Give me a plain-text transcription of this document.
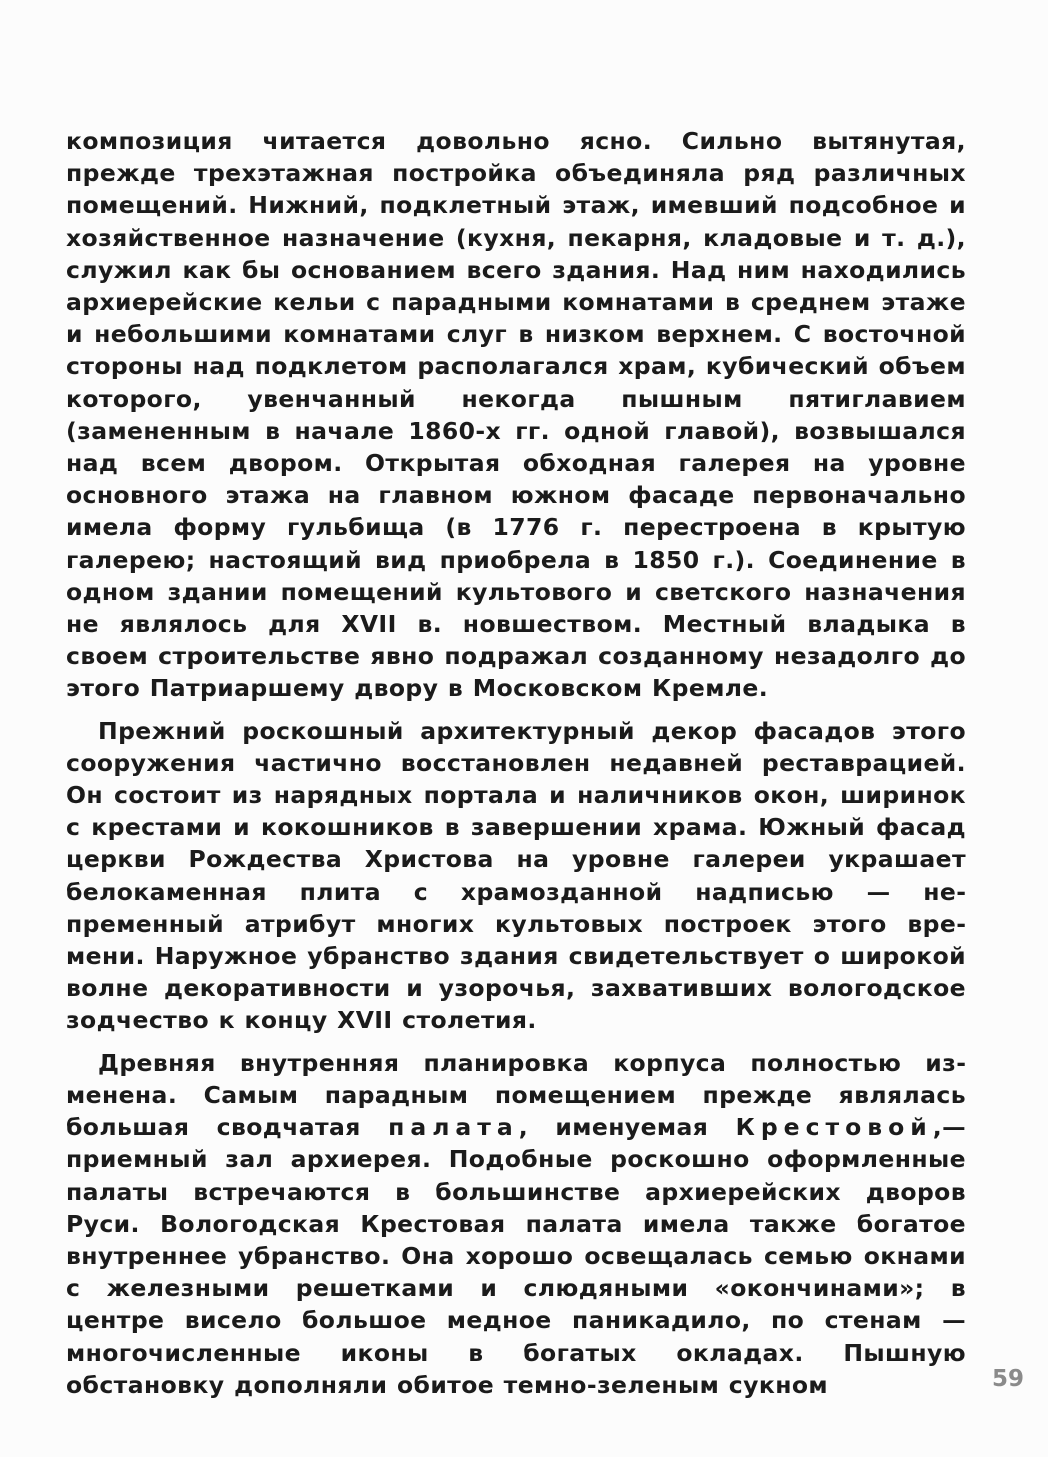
композиция читается довольно ясно. Сильно вытянутая, прежде трехэтажная постройка объединяла ряд различных помещений. Нижний, подклетный этаж, имевший подсобное и хозяйственное назначение (кухня, пекарня, кладовые и т. д.), служил как бы основанием всего здания. Над ним находились архиерейские кельи с парадными комнатами в среднем этаже и небольшими комнатами слуг в низком верхнем. С восточной стороны над подклетом располагался храм, кубический объем которого, увенчанный некогда пышным пятиглавием (замененным в начале 1860-х гг. одной главой), возвышался над всем двором. Открытая обходная галерея на уровне основного этажа на главном южном фасаде первоначально имела форму гульбища (в 1776 г. перестроена в крытую галерею; настоящий вид приобрела в 1850 г.). Соединение в одном здании помещений культового и светского назначения не являлось для XVII в. новшеством. Местный владыка в своем строительстве явно подражал созданному незадолго до этого Патриаршему двору в Московском Кремле.

Прежний роскошный архитектурный декор фасадов этого сооружения частично восстановлен недавней реставрацией. Он состоит из нарядных портала и наличников окон, ширинок с крестами и кокошников в завершении храма. Южный фасад церкви Рождества Христова на уровне галереи украшает белокаменная плита с храмозданной надписью — непременный атрибут многих культовых построек этого времени. Наружное убранство здания свидетельствует о широкой волне декоративности и узорочья, захвативших вологодское зодчество к концу XVII столетия.

Древняя внутренняя планировка корпуса полностью изменена. Самым парадным помещением прежде являлась большая сводчатая палата, именуемая Крестовой,— приемный зал архиерея. Подобные роскошно оформленные палаты встречаются в большинстве архиерейских дворов Руси. Вологодская Крестовая палата имела также богатое внутреннее убранство. Она хорошо освещалась семью окнами с железными решетками и слюдяными «окончинами»; в центре висело большое медное паникадило, по стенам — многочисленные иконы в богатых окладах. Пышную обстановку дополняли обитое темно-зеленым сукном	59
